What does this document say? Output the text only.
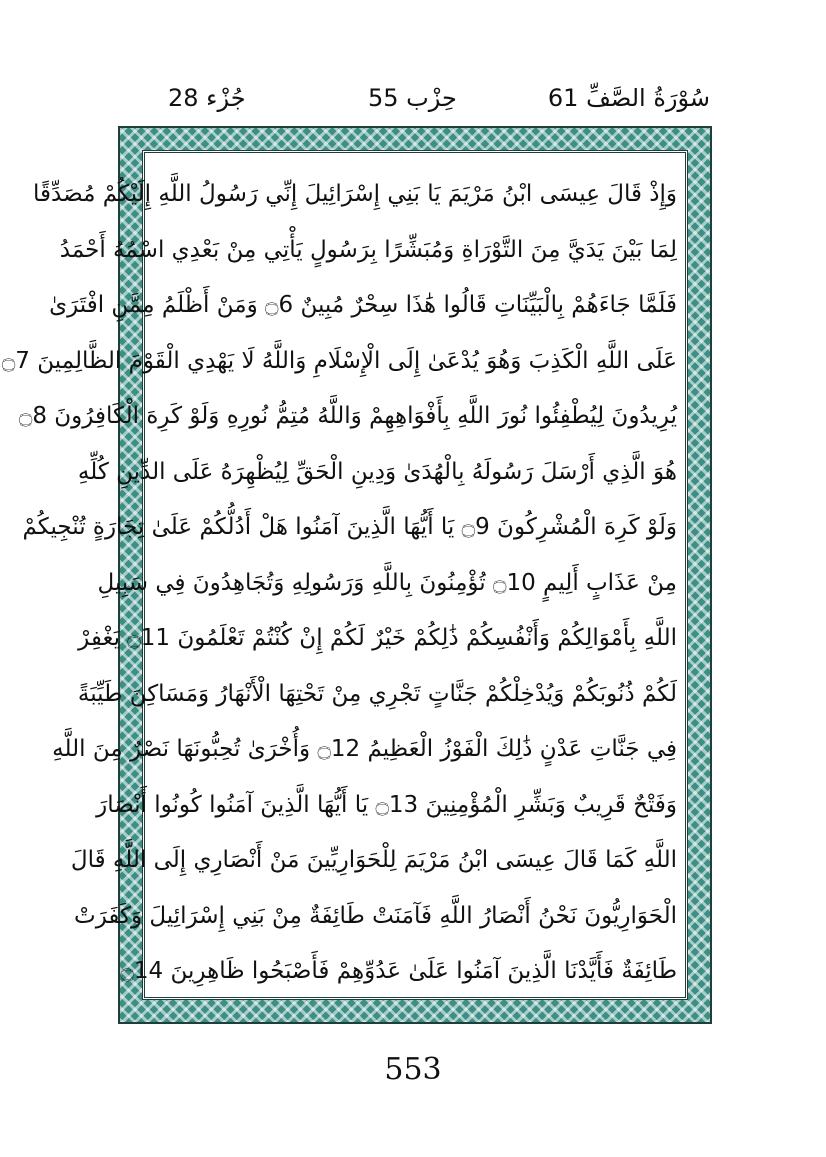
جُزْء 28	حِزْب 55	61 سُوْرَةُ الصَّفِّ
وَإِذْ قَالَ عِيسَى ابْنُ مَرْيَمَ يَا بَنِي إِسْرَائِيلَ إِنِّي رَسُولُ اللَّهِ إِلَيْكُمْ مُصَدِّقًا
لِمَا بَيْنَ يَدَيَّ مِنَ التَّوْرَاةِ وَمُبَشِّرًا بِرَسُولٍ يَأْتِي مِنْ بَعْدِي اسْمُهُ أَحْمَدُ
فَلَمَّا جَاءَهُمْ بِالْبَيِّنَاتِ قَالُوا هَٰذَا سِحْرٌ مُبِينٌ ۝6 وَمَنْ أَظْلَمُ مِمَّنِ افْتَرَىٰ
عَلَى اللَّهِ الْكَذِبَ وَهُوَ يُدْعَىٰ إِلَى الْإِسْلَامِ وَاللَّهُ لَا يَهْدِي الْقَوْمَ الظَّالِمِينَ ۝7
يُرِيدُونَ لِيُطْفِئُوا نُورَ اللَّهِ بِأَفْوَاهِهِمْ وَاللَّهُ مُتِمُّ نُورِهِ وَلَوْ كَرِهَ الْكَافِرُونَ ۝8
هُوَ الَّذِي أَرْسَلَ رَسُولَهُ بِالْهُدَىٰ وَدِينِ الْحَقِّ لِيُظْهِرَهُ عَلَى الدِّينِ كُلِّهِ
وَلَوْ كَرِهَ الْمُشْرِكُونَ ۝9 يَا أَيُّهَا الَّذِينَ آمَنُوا هَلْ أَدُلُّكُمْ عَلَىٰ تِجَارَةٍ تُنْجِيكُمْ
مِنْ عَذَابٍ أَلِيمٍ ۝10 تُؤْمِنُونَ بِاللَّهِ وَرَسُولِهِ وَتُجَاهِدُونَ فِي سَبِيلِ
اللَّهِ بِأَمْوَالِكُمْ وَأَنْفُسِكُمْ ذَٰلِكُمْ خَيْرٌ لَكُمْ إِنْ كُنْتُمْ تَعْلَمُونَ ۝11 يَغْفِرْ
لَكُمْ ذُنُوبَكُمْ وَيُدْخِلْكُمْ جَنَّاتٍ تَجْرِي مِنْ تَحْتِهَا الْأَنْهَارُ وَمَسَاكِنَ طَيِّبَةً
فِي جَنَّاتِ عَدْنٍ ذَٰلِكَ الْفَوْزُ الْعَظِيمُ ۝12 وَأُخْرَىٰ تُحِبُّونَهَا نَصْرٌ مِنَ اللَّهِ
وَفَتْحٌ قَرِيبٌ وَبَشِّرِ الْمُؤْمِنِينَ ۝13 يَا أَيُّهَا الَّذِينَ آمَنُوا كُونُوا أَنْصَارَ
اللَّهِ كَمَا قَالَ عِيسَى ابْنُ مَرْيَمَ لِلْحَوَارِيِّينَ مَنْ أَنْصَارِي إِلَى اللَّهِ قَالَ
الْحَوَارِيُّونَ نَحْنُ أَنْصَارُ اللَّهِ فَآمَنَتْ طَائِفَةٌ مِنْ بَنِي إِسْرَائِيلَ وَكَفَرَتْ
طَائِفَةٌ فَأَيَّدْنَا الَّذِينَ آمَنُوا عَلَىٰ عَدُوِّهِمْ فَأَصْبَحُوا ظَاهِرِينَ ۝14
553
